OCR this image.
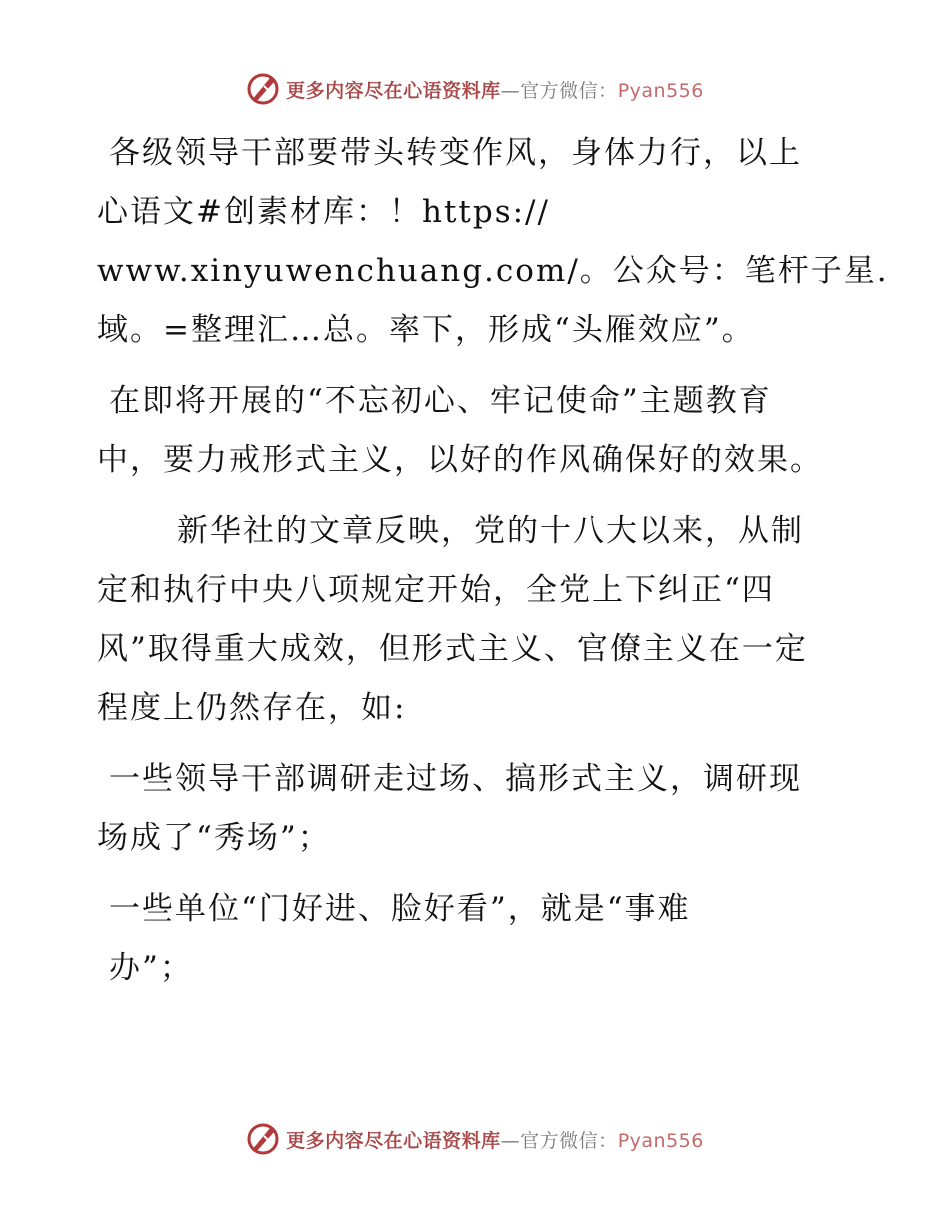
更多内容尽在心语资料库—官方微信：Pyan556

各级领导干部要带头转变作风，身体力行，以上
心语文#创素材库：！https://
www.xinyuwenchuang.com/。公众号：笔杆子星.
域。=整理汇…总。率下，形成“头雁效应”。

在即将开展的“不忘初心、牢记使命”主题教育
中，要力戒形式主义，以好的作风确保好的效果。

新华社的文章反映，党的十八大以来，从制
定和执行中央八项规定开始，全党上下纠正“四
风”取得重大成效，但形式主义、官僚主义在一定
程度上仍然存在，如:

一些领导干部调研走过场、搞形式主义，调研现
场成了“秀场”；

一些单位“门好进、脸好看”，就是“事难
办”；

更多内容尽在心语资料库—官方微信：Pyan556
